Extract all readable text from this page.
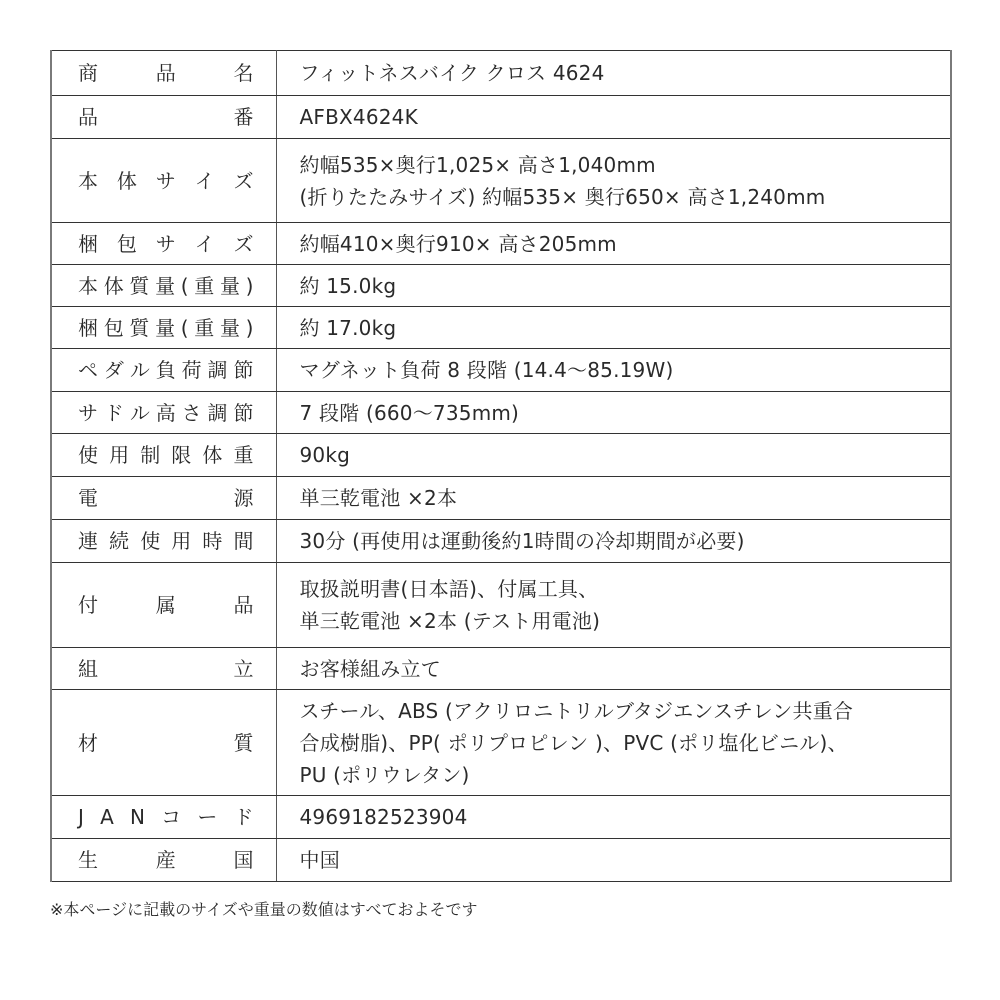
商 品 名	フィットネスバイク クロス 4624

品 番	AFBX4624K

本 体 サ イ ズ	約幅535×奥行1,025× 高さ1,040mm
(折りたたみサイズ) 約幅535× 奥行650× 高さ1,240mm

梱 包 サ イ ズ	約幅410×奥行910× 高さ205mm

本 体 質 量 ( 重 量 )	約 15.0kg

梱 包 質 量 ( 重 量 )	約 17.0kg

ペ ダ ル 負 荷 調 節	マグネット負荷 8 段階 (14.4～85.19W)

サ ド ル 高 さ 調 節	7 段階 (660～735mm)

使 用 制 限 体 重	90kg

電 源	単三乾電池 ×2本

連 続 使 用 時 間	30分 (再使用は運動後約1時間の冷却期間が必要)

付 属 品	取扱説明書(日本語)、付属工具、
単三乾電池 ×2本 (テスト用電池)

組 立	お客様組み立て

材 質	スチール、ABS (アクリロニトリルブタジエンスチレン共重合
合成樹脂)、PP( ポリプロピレン )、PVC (ポリ塩化ビニル)、
PU (ポリウレタン)

J A N コ ー ド	4969182523904

生 産 国	中国
※本ページに記載のサイズや重量の数値はすべておよそです
